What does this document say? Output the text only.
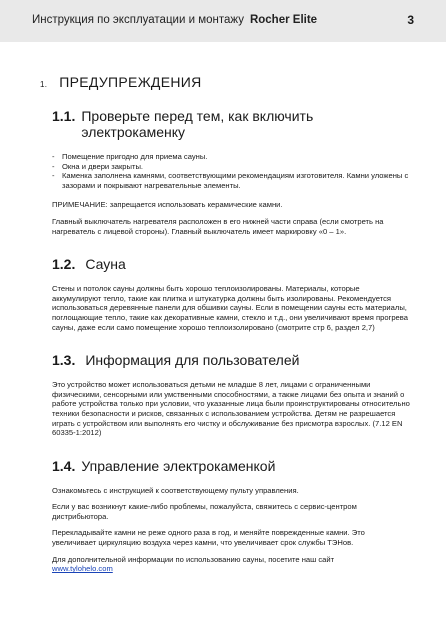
Инструкция по эксплуатации и монтажу Rocher Elite	3
1. ПРЕДУПРЕЖДЕНИЯ
1.1. Проверьте перед тем, как включить электрокаменку
- Помещение пригодно для приема сауны.
- Окна и двери закрыты.
- Каменка заполнена камнями, соответствующими рекомендациям изготовителя. Камни уложены с зазорами и покрывают нагревательные элементы.

ПРИМЕЧАНИЕ: запрещается использовать керамические камни.

Главный выключатель нагревателя расположен в его нижней части справа (если смотреть на нагреватель с лицевой стороны). Главный выключатель имеет маркировку «0 – 1».

1.2. Сауна

Стены и потолок сауны должны быть хорошо теплоизолированы. Материалы, которые аккумулируют тепло, такие как плитка и штукатурка должны быть изолированы. Рекомендуется использоваться деревянные панели для обшивки сауны. Если в помещении сауны есть материалы, поглощающие тепло, такие как декоративные камни, стекло и т.д., они увеличивают время прогрева сауны, даже если само помещение хорошо теплоизолировано (смотрите стр 6, раздел 2,7)

1.3. Информация для пользователей

Это устройство может использоваться детьми не младше 8 лет, лицами с ограниченными физическими, сенсорными или умственными способностями, а также лицами без опыта и знаний о работе устройства только при условии, что указанные лица были проинструктированы относительно техники безопасности и рисков, связанных с использованием устройства. Детям не разрешается играть с устройством или выполнять его чистку и обслуживание без присмотра взрослых. (7.12 EN 60335-1:2012)

1.4. Управление электрокаменкой

Ознакомьтесь с инструкцией к соответствующему пульту управления.

Если у вас возникнут какие-либо проблемы, пожалуйста, свяжитесь с сервис-центром дистрибьютора.

Перекладывайте камни не реже одного раза в год, и меняйте поврежденные камни. Это увеличивает циркуляцию воздуха через камни, что увеличивает срок службы ТЭНов.

Для дополнительной информации по использованию сауны, посетите наш сайт
www.tylohelo.com
